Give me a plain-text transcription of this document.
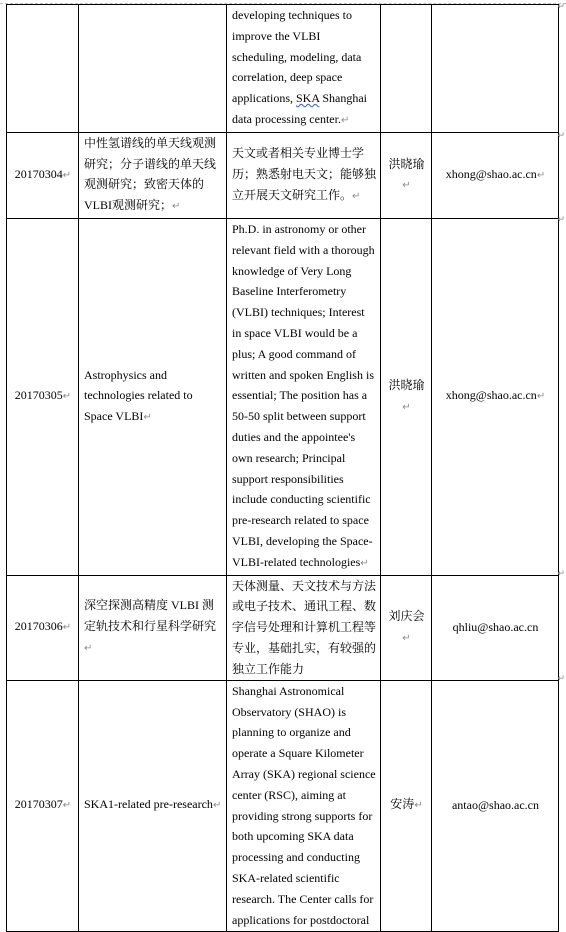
		developing techniques to improve the VLBI scheduling, modeling, data correlation, deep space applications, SKA Shanghai data processing center.↵		
20170304↵	中性氢谱线的单天线观测研究；分子谱线的单天线观测研究；致密天体的VLBI观测研究；↵	天文或者相关专业博士学历；熟悉射电天文；能够独立开展天文研究工作。↵	洪晓瑜↵	xhong@shao.ac.cn↵
20170305↵	Astrophysics and technologies related to Space VLBI↵	Ph.D. in astronomy or other relevant field with a thorough knowledge of Very Long Baseline Interferometry (VLBI) techniques; Interest in space VLBI would be a plus; A good command of written and spoken English is essential; The position has a 50-50 split between support duties and the appointee's own research; Principal support responsibilities include conducting scientific pre-research related to space VLBI, developing the Space-VLBI-related technologies↵	洪晓瑜↵	xhong@shao.ac.cn↵
20170306↵	深空探测高精度 VLBI 测定轨技术和行星科学研究↵	天体测量、天文技术与方法或电子技术、通讯工程、数字信号处理和计算机工程等专业，基础扎实，有较强的独立工作能力	刘庆会↵	qhliu@shao.ac.cn
20170307↵	SKA1-related pre-research↵	Shanghai Astronomical Observatory (SHAO) is planning to organize and operate a Square Kilometer Array (SKA) regional science center (RSC), aiming at providing strong supports for both upcoming SKA data processing and conducting SKA-related scientific research. The Center calls for applications for postdoctoral	安涛↵	antao@shao.ac.cn
↵
↵
↵
↵
↵
